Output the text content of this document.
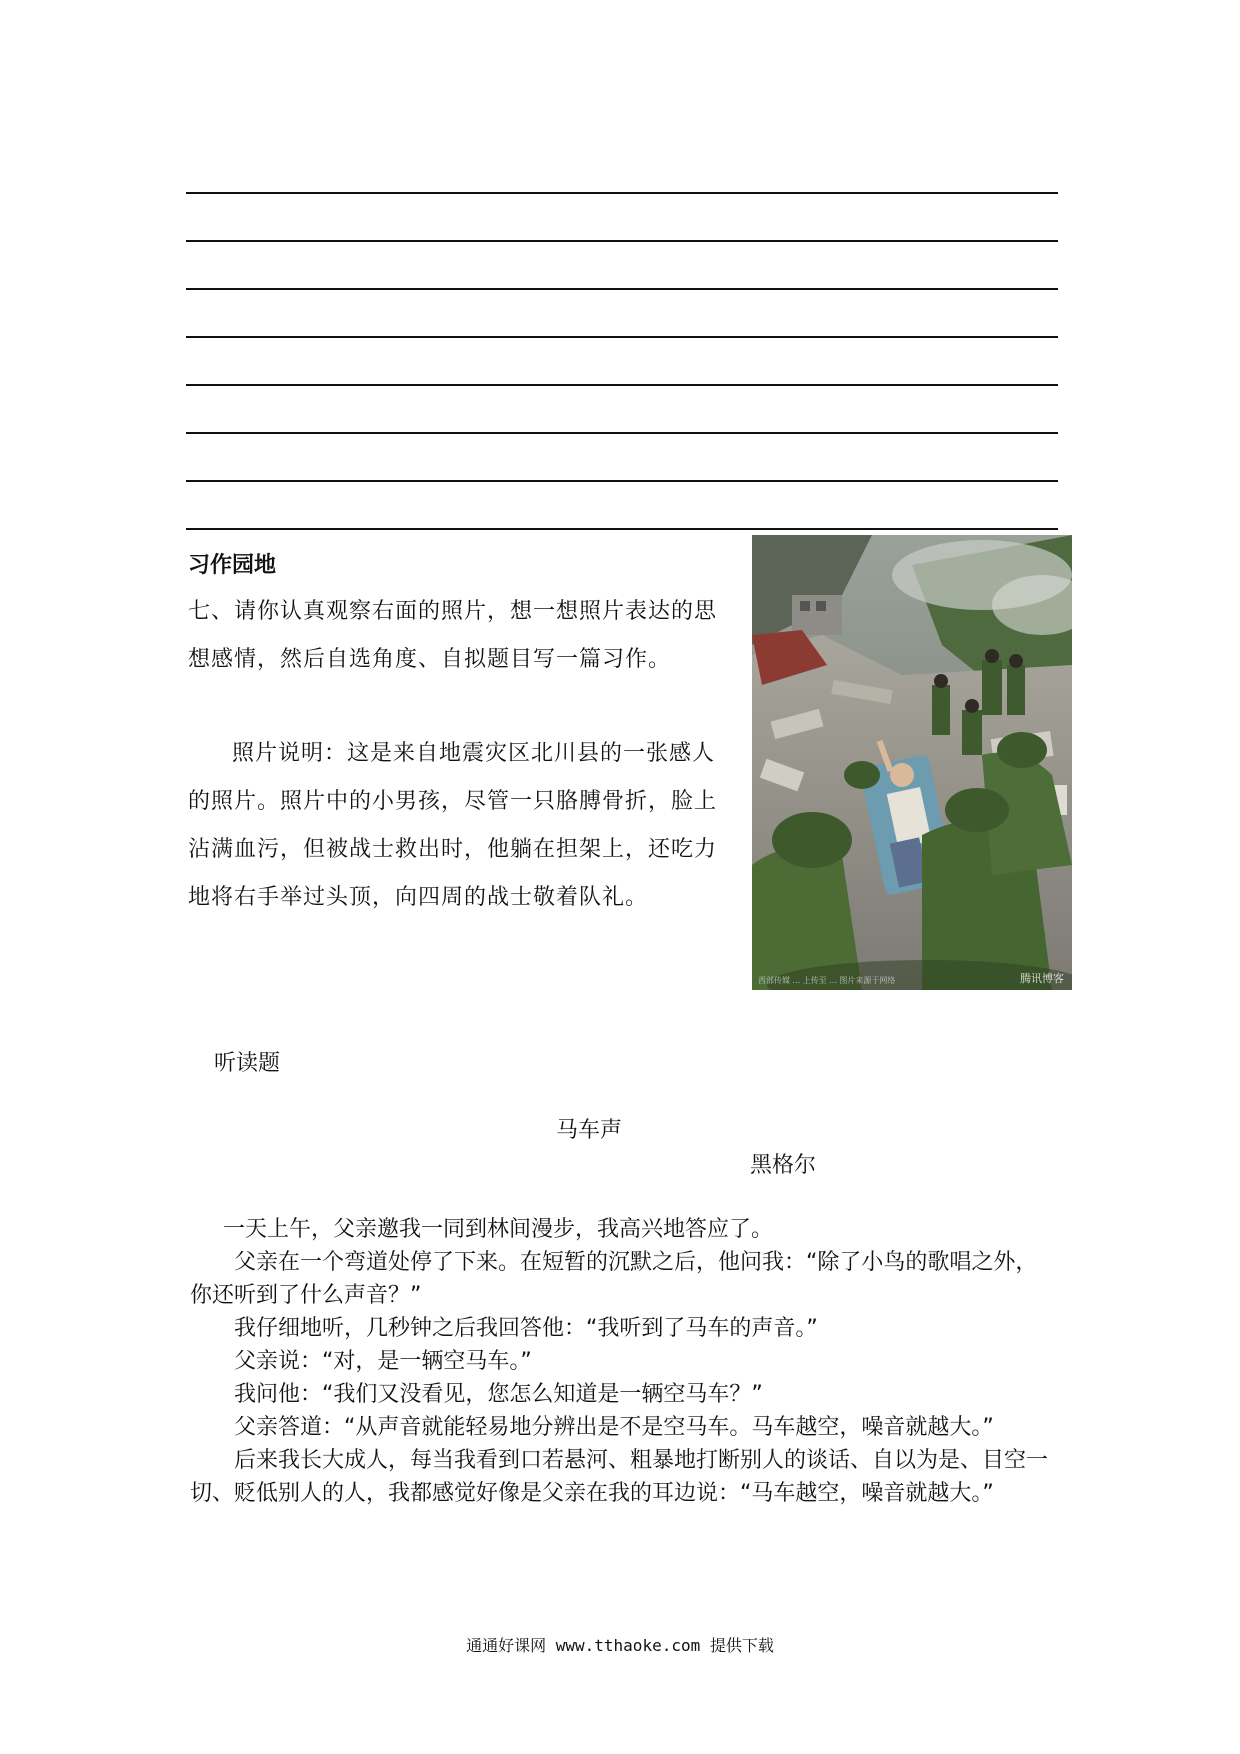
习作园地
七、请你认真观察右面的照片，想一想照片表达的思想感情，然后自选角度、自拟题目写一篇习作。
照片说明：这是来自地震灾区北川县的一张感人的照片。照片中的小男孩，尽管一只胳膊骨折，脸上沾满血污，但被战士救出时，他躺在担架上，还吃力地将右手举过头顶，向四周的战士敬着队礼。
西部传媒 ... 上传至 ... 图片来源于网络	腾讯博客
听读题
马车声
黑格尔

一天上午，父亲邀我一同到林间漫步，我高兴地答应了。

父亲在一个弯道处停了下来。在短暂的沉默之后，他问我：“除了小鸟的歌唱之外，你还听到了什么声音？”

我仔细地听，几秒钟之后我回答他：“我听到了马车的声音。”

父亲说：“对，是一辆空马车。”

我问他：“我们又没看见，您怎么知道是一辆空马车？”

父亲答道：“从声音就能轻易地分辨出是不是空马车。马车越空，噪音就越大。”

后来我长大成人，每当我看到口若悬河、粗暴地打断别人的谈话、自以为是、目空一切、贬低别人的人，我都感觉好像是父亲在我的耳边说：“马车越空，噪音就越大。”

通通好课网 www.tthaoke.com 提供下载
